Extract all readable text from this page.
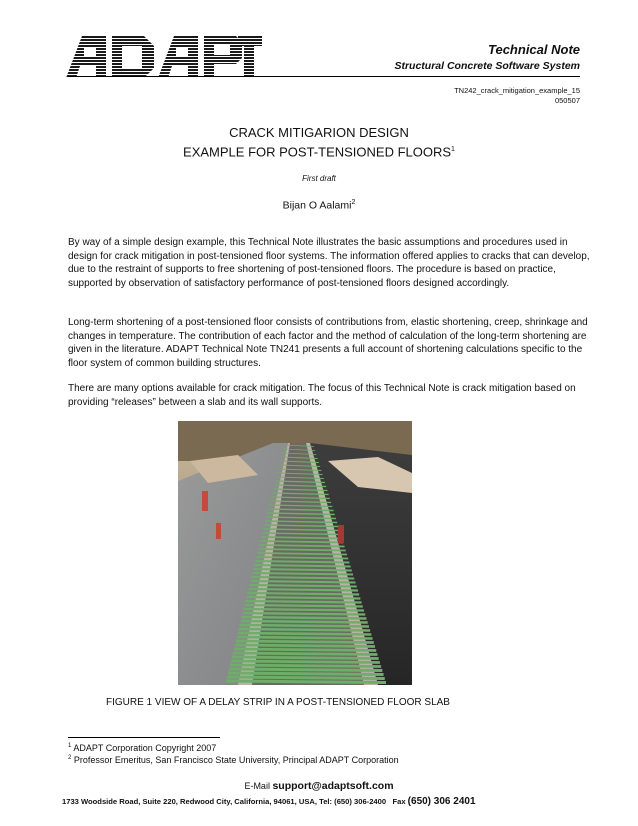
Technical Note
Structural Concrete Software System
TN242_crack_mitigation_example_15
050507
CRACK MITIGARION DESIGN
EXAMPLE FOR POST-TENSIONED FLOORS$^1$
First draft
Bijan O Aalami$^2$
By way of a simple design example, this Technical Note illustrates the basic assumptions and procedures used in design for crack mitigation in post-tensioned floor systems. The information offered applies to cracks that can develop, due to the restraint of supports to free shortening of post-tensioned floors. The procedure is based on practice, supported by observation of satisfactory performance of post-tensioned floors designed accordingly.
Long-term shortening of a post-tensioned floor consists of contributions from, elastic shortening, creep, shrinkage and changes in temperature. The contribution of each factor and the method of calculation of the long-term shortening are given in the literature. ADAPT Technical Note TN241 presents a full account of shortening calculations specific to the floor system of common building structures.
There are many options available for crack mitigation. The focus of this Technical Note is crack mitigation based on providing “releases” between a slab and its wall supports.
FIGURE 1 VIEW OF A DELAY STRIP IN A POST-TENSIONED FLOOR SLAB
$^1$ ADAPT Corporation Copyright 2007
$^2$ Professor Emeritus, San Francisco State University, Principal ADAPT Corporation
E-Mail support@adaptsoft.com
1733 Woodside Road, Suite 220, Redwood City, California, 94061, USA, Tel: (650) 306-2400 Fax (650) 306 2401
